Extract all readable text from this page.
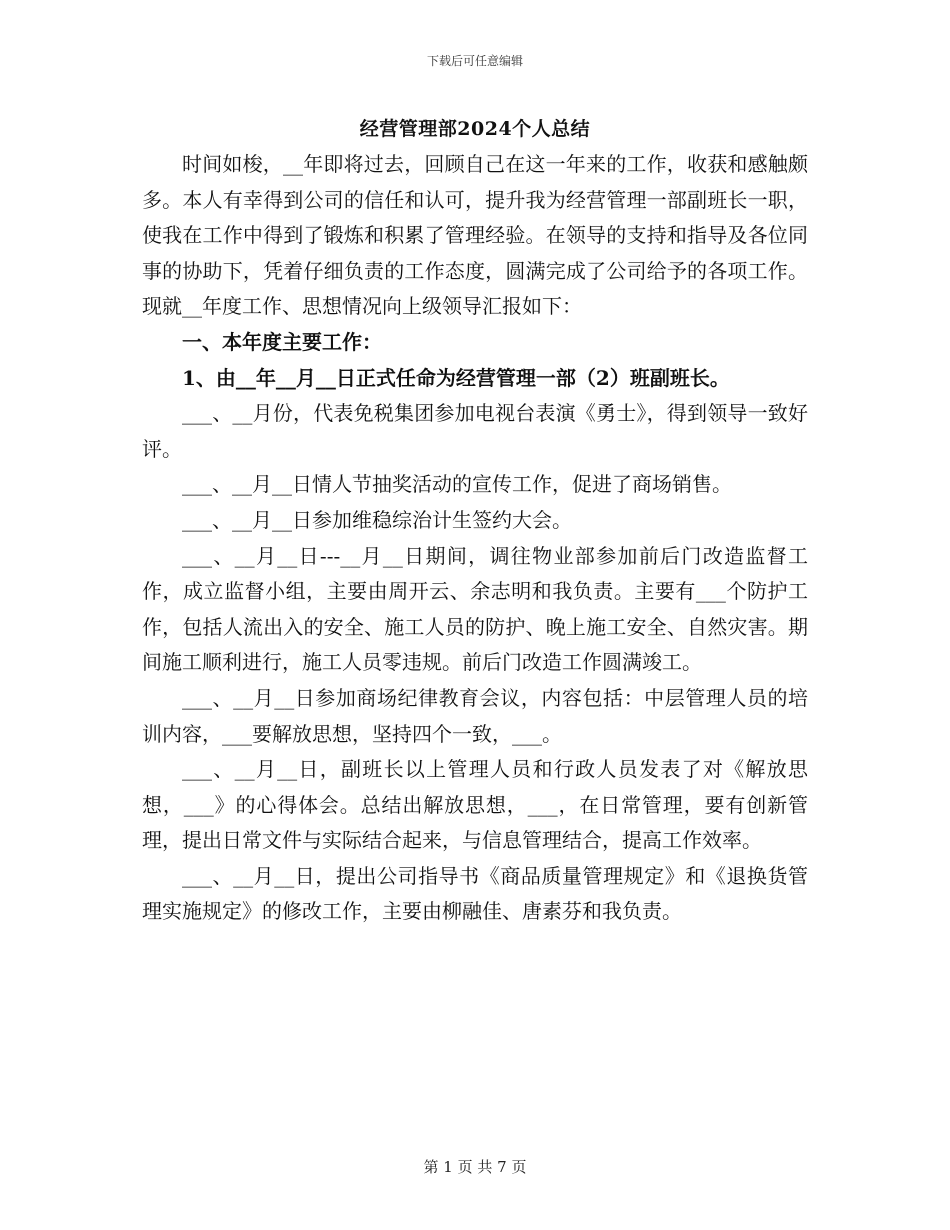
下载后可任意编辑
经营管理部2024个人总结

时间如梭，__年即将过去，回顾自己在这一年来的工作，收获和感触颇多。本人有幸得到公司的信任和认可，提升我为经营管理一部副班长一职，使我在工作中得到了锻炼和积累了管理经验。在领导的支持和指导及各位同事的协助下，凭着仔细负责的工作态度，圆满完成了公司给予的各项工作。现就__年度工作、思想情况向上级领导汇报如下：

一、本年度主要工作：

1、由__年__月__日正式任命为经营管理一部（2）班副班长。

___、__月份，代表免税集团参加电视台表演《勇士》，得到领导一致好评。

___、__月__日情人节抽奖活动的宣传工作，促进了商场销售。

___、__月__日参加维稳综治计生签约大会。

___、__月__日---__月__日期间，调往物业部参加前后门改造监督工作，成立监督小组，主要由周开云、余志明和我负责。主要有___个防护工作，包括人流出入的安全、施工人员的防护、晚上施工安全、自然灾害。期间施工顺利进行，施工人员零违规。前后门改造工作圆满竣工。

___、__月__日参加商场纪律教育会议，内容包括：中层管理人员的培训内容，___要解放思想，坚持四个一致，___。

___、__月__日，副班长以上管理人员和行政人员发表了对《解放思想，___》的心得体会。总结出解放思想，___，在日常管理，要有创新管理，提出日常文件与实际结合起来，与信息管理结合，提高工作效率。

___、__月__日，提出公司指导书《商品质量管理规定》和《退换货管理实施规定》的修改工作，主要由柳融佳、唐素芬和我负责。

第 1 页 共 7 页
